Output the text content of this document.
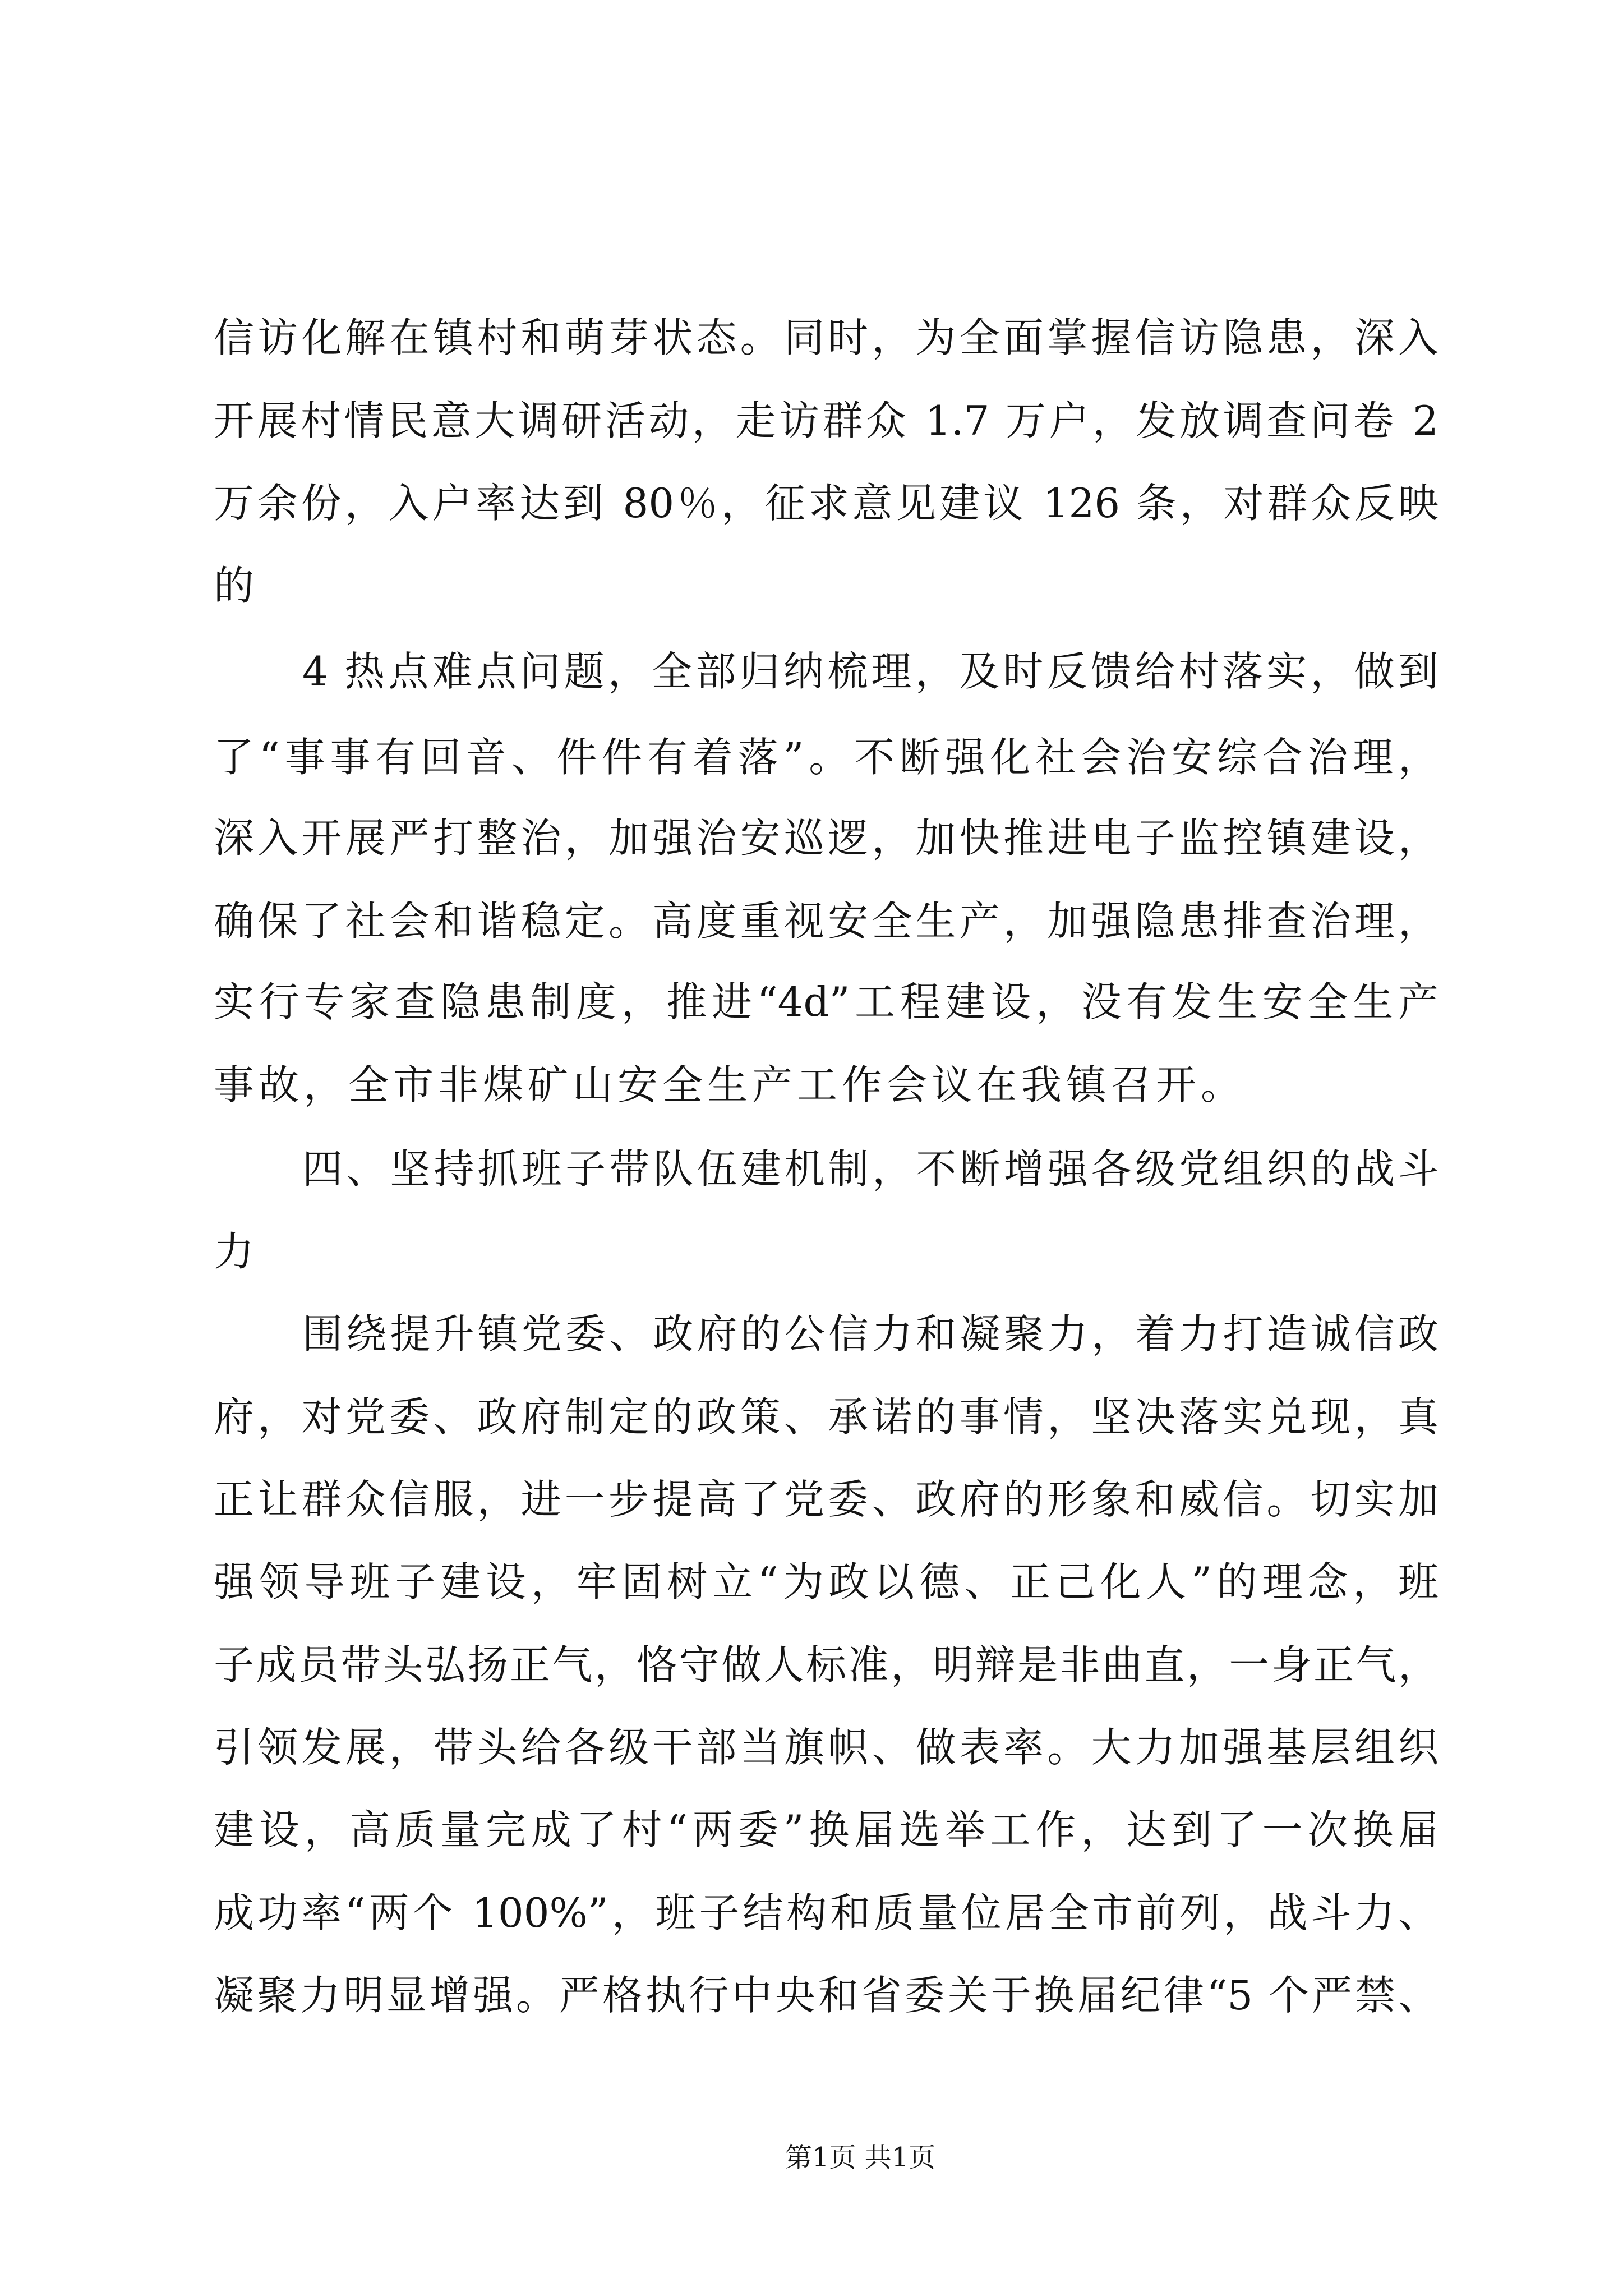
信访化解在镇村和萌芽状态。同时，为全面掌握信访隐患，深入
开展村情民意大调研活动，走访群众 1.7 万户，发放调查问卷 2
万余份，入户率达到 80％，征求意见建议 126 条，对群众反映
的
4 热点难点问题，全部归纳梳理，及时反馈给村落实，做到
了“事事有回音、件件有着落”。不断强化社会治安综合治理，
深入开展严打整治，加强治安巡逻，加快推进电子监控镇建设，
确保了社会和谐稳定。高度重视安全生产，加强隐患排查治理，
实行专家查隐患制度，推进“4d”工程建设，没有发生安全生产
事故，全市非煤矿山安全生产工作会议在我镇召开。
四、坚持抓班子带队伍建机制，不断增强各级党组织的战斗
力
围绕提升镇党委、政府的公信力和凝聚力，着力打造诚信政
府，对党委、政府制定的政策、承诺的事情，坚决落实兑现，真
正让群众信服，进一步提高了党委、政府的形象和威信。切实加
强领导班子建设，牢固树立“为政以德、正己化人”的理念，班
子成员带头弘扬正气，恪守做人标准，明辩是非曲直，一身正气，
引领发展，带头给各级干部当旗帜、做表率。大力加强基层组织
建设，高质量完成了村“两委”换届选举工作，达到了一次换届
成功率“两个 100%”，班子结构和质量位居全市前列，战斗力、
凝聚力明显增强。严格执行中央和省委关于换届纪律“5 个严禁、
第1页 共1页
